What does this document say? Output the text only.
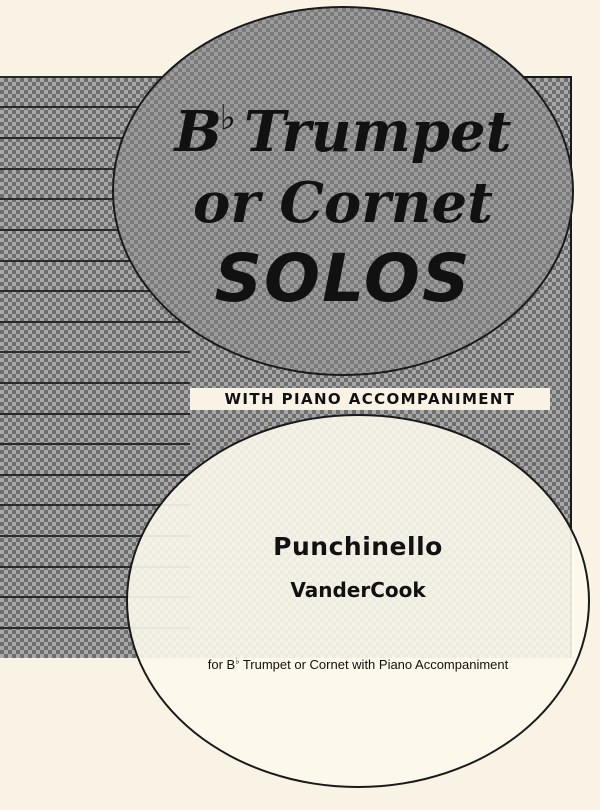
B♭ Trumpet
or Cornet
SOLOS
WITH PIANO ACCOMPANIMENT
Punchinello
VanderCook
for B♭ Trumpet or Cornet with Piano Accompaniment
